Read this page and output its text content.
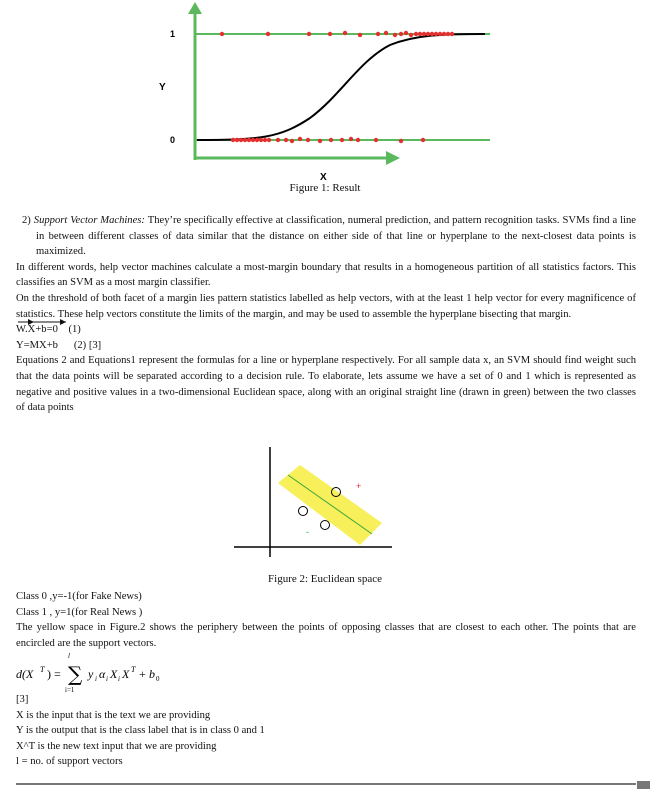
1
0
Y
X
Figure 1: Result
2) Support Vector Machines: They’re specifically effective at classification, numeral prediction, and pattern recognition tasks. SVMs find a line in between different classes of data similar that the distance on either side of that line or hyperplane to the next-closest data points is maximized.
In different words, help vector machines calculate a most-margin boundary that results in a homogeneous partition of all statistics factors. This classifies an SVM as a most margin classifier.
On the threshold of both facet of a margin lies pattern statistics labelled as help vectors, with at the least 1 help vector for every magnificence of statistics. These help vectors constitute the limits of the margin, and may be used to assemble the hyperplane bisecting that margin.
W.X+b=0    (1)
Y=MX+b      (2) [3]
Equations 2 and Equations1 represent the formulas for a line or hyperplane respectively. For all sample data x, an SVM should find weight such that the data points will be separated according to a decision rule. To elaborate, lets assume we have a set of 0 and 1 which is represented as negative and positive values in a two-dimensional Euclidean space, along with an original straight line (drawn in green) between the two classes of data points
+
-
Figure 2: Euclidean space
Class 0 ,y=-1(for Fake News)
Class 1 , y=1(for Real News )
The yellow space in Figure.2 shows the periphery between the points of opposing classes that are closest to each other. The points that are encircled are the support vectors.
d(X T ) =
l
∑
i=1
y i α i X i X T + b 0
[3]
X is the input that is the text we are providing
Y is the output that is the class label that is in class 0 and 1
X^T is the new text input that we are providing
l = no. of support vectors
